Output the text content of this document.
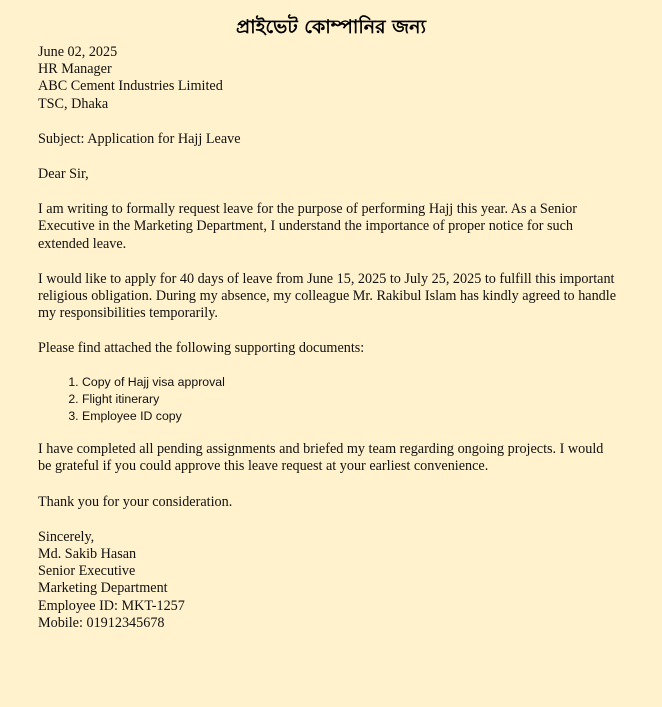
প্রাইভেট কোম্পানির জন্য
June 02, 2025
HR Manager
ABC Cement Industries Limited
TSC, Dhaka
Subject: Application for Hajj Leave
Dear Sir,

I am writing to formally request leave for the purpose of performing Hajj this year. As a Senior Executive in the Marketing Department, I understand the importance of proper notice for such extended leave.

I would like to apply for 40 days of leave from June 15, 2025 to July 25, 2025 to fulfill this important religious obligation. During my absence, my colleague Mr. Rakibul Islam has kindly agreed to handle my responsibilities temporarily.

Please find attached the following supporting documents:

1. Copy of Hajj visa approval
2. Flight itinerary
3. Employee ID copy

I have completed all pending assignments and briefed my team regarding ongoing projects. I would be grateful if you could approve this leave request at your earliest convenience.

Thank you for your consideration.
Sincerely,
Md. Sakib Hasan
Senior Executive
Marketing Department
Employee ID: MKT-1257
Mobile: 01912345678
